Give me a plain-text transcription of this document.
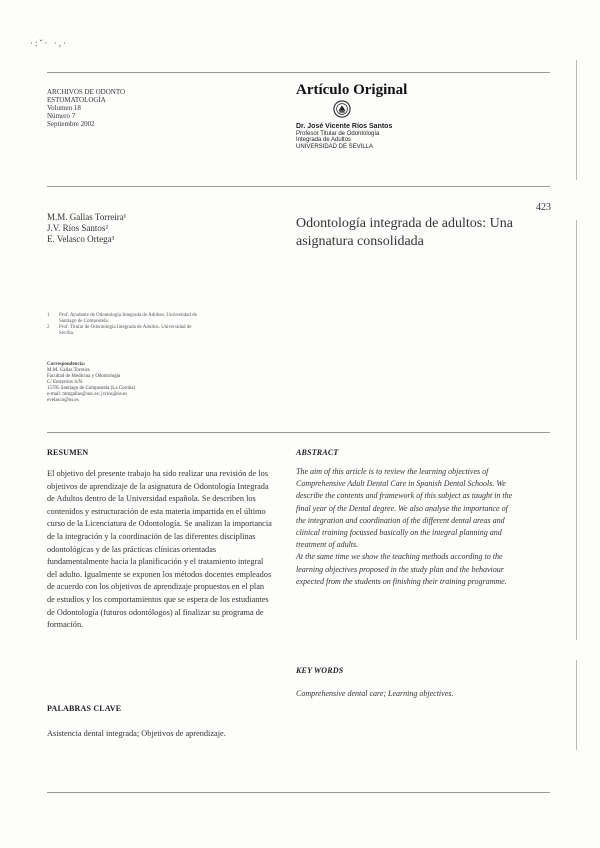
·:ˇ· ·,·
ARCHIVOS DE ODONTO
ESTOMATOLOGÍA
Volumen 18
Número 7
Septiembre 2002
Artículo Original
Dr. José Vicente Ríos Santos
Profesor Titular de Odontología
Integrada de Adultos
UNIVERSIDAD DE SEVILLA
423
M.M. Gallas Torreira¹
J.V. Ríos Santos²
E. Velasco Ortega³
Odontología integrada de adultos: Una asignatura consolidada
1	Prof. Ayudante de Odontología Integrada de Adultos. Universidad de Santiago de Compostela.
2	Prof. Titular de Odontología Integrada de Adultos. Universidad de Sevilla.
Correspondencia:
M.M. Gallas Torreira
Facultad de Medicina y Odontología
C/ Entrerríos S/N.
15705 Santiago de Compostela (La Coruña)
e-mail: mmgallas@usc.es; jvrios@us.es
evelasco@us.es
RESUMEN
El objetivo del presente trabajo ha sido realizar una revisión de los objetivos de aprendizaje de la asignatura de Odontología Integrada de Adultos dentro de la Universidad española. Se describen los contenidos y estructuración de esta materia impartida en el último curso de la Licenciatura de Odontología. Se analizan la importancia de la integración y la coordinación de las diferentes disciplinas odontológicas y de las prácticas clínicas orientadas fundamentalmente hacia la planificación y el tratamiento integral del adulto. Igualmente se exponen los métodos docentes empleados de acuerdo con los objetivos de aprendizaje propuestos en el plan de estudios y los comportamientos que se espera de los estudiantes de Odontología (futuros odontólogos) al finalizar su programa de formación.
ABSTRACT
The aim of this article is to review the learning objectives of Comprehensive Adult Dental Care in Spanish Dental Schools. We describe the contents and framework of this subject as taught in the final year of the Dental degree. We also analyse the importance of the integration and coordination of the different dental areas and clinical training focussed basically on the integral planning and treatment of adults.
At the same time we show the teaching methods according to the learning objectives proposed in the study plan and the behaviour expected from the students on finishing their training programme.
KEY WORDS
Comprehensive dental care; Learning objectives.
PALABRAS CLAVE
Asistencia dental integrada; Objetivos de aprendizaje.
